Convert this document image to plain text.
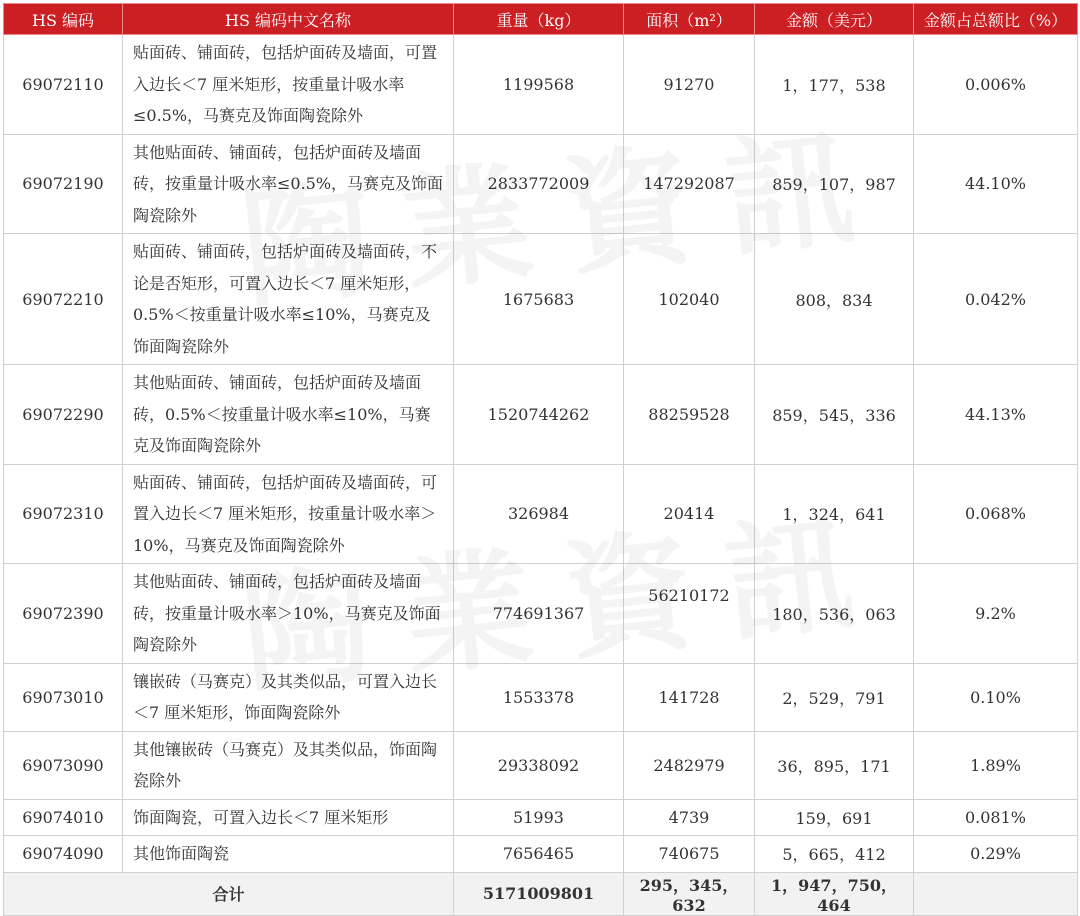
HS 编码	HS 编码中文名称	重量（kg）	面积（m²）	金额（美元）	金额占总额比（%）
69072110	贴面砖、铺面砖，包括炉面砖及墙面，可置入边长＜7 厘米矩形，按重量计吸水率≤0.5%，马赛克及饰面陶瓷除外	1199568	91270	1，177，538	0.006%
69072190	其他贴面砖、铺面砖，包括炉面砖及墙面砖，按重量计吸水率≤0.5%，马赛克及饰面陶瓷除外	2833772009	147292087	859，107，987	44.10%
69072210	贴面砖、铺面砖，包括炉面砖及墙面砖，不论是否矩形，可置入边长＜7 厘米矩形，0.5%＜按重量计吸水率≤10%，马赛克及饰面陶瓷除外	1675683	102040	808，834	0.042%
69072290	其他贴面砖、铺面砖，包括炉面砖及墙面砖，0.5%＜按重量计吸水率≤10%，马赛克及饰面陶瓷除外	1520744262	88259528	859，545，336	44.13%
69072310	贴面砖、铺面砖，包括炉面砖及墙面砖，可置入边长＜7 厘米矩形，按重量计吸水率＞10%，马赛克及饰面陶瓷除外	326984	20414	1，324，641	0.068%
69072390	其他贴面砖、铺面砖，包括炉面砖及墙面砖，按重量计吸水率＞10%，马赛克及饰面陶瓷除外	774691367	56210172	180，536，063	9.2%
69073010	镶嵌砖（马赛克）及其类似品，可置入边长＜7 厘米矩形，饰面陶瓷除外	1553378	141728	2，529，791	0.10%
69073090	其他镶嵌砖（马赛克）及其类似品，饰面陶瓷除外	29338092	2482979	36，895，171	1.89%
69074010	饰面陶瓷，可置入边长＜7 厘米矩形	51993	4739	159，691	0.081%
69074090	其他饰面陶瓷	7656465	740675	5，665，412	0.29%
合计		5171009801	295，345，632	1，947，750，464	
